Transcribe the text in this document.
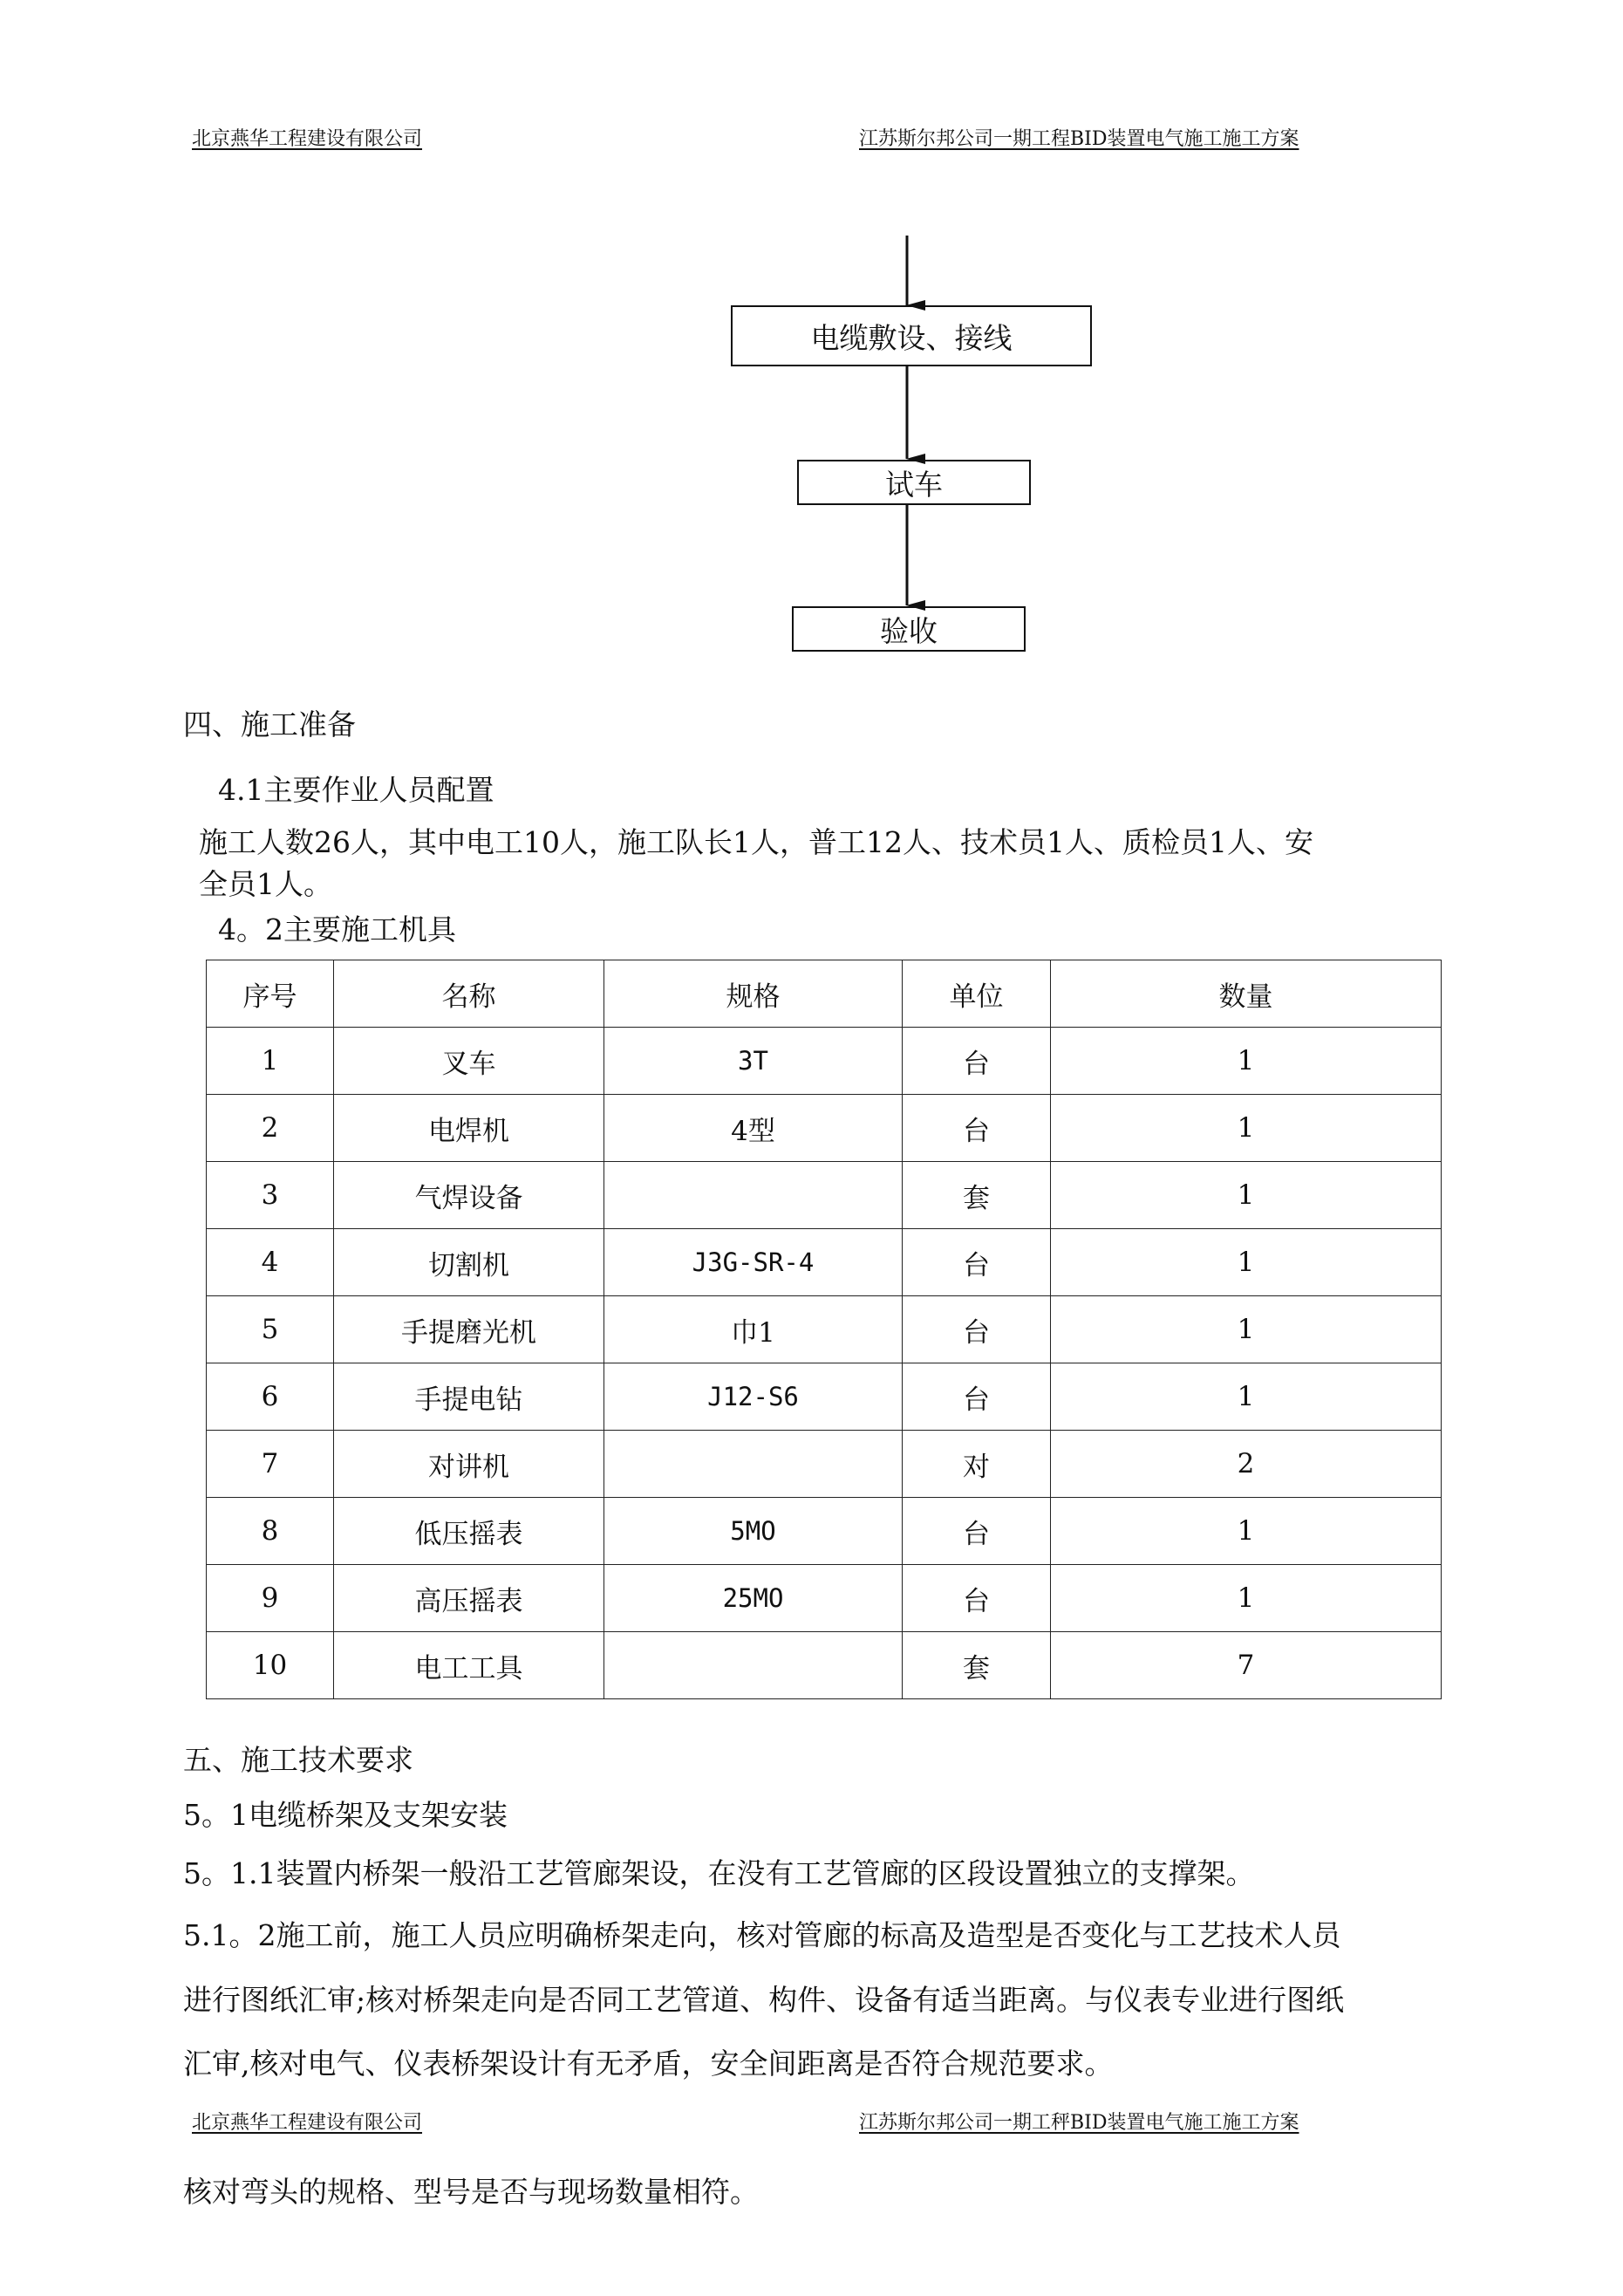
北京燕华工程建设有限公司	江苏斯尔邦公司一期工程BID装置电气施工施工方案
电缆敷设、接线
试车
验收
四、施工准备
4.1主要作业人员配置
施工人数26人，其中电工10人，施工队长1人，普工12人、技术员1人、质检员1人、安
全员1人。
4。2主要施工机具
序号	名称	规格	单位	数量
1	叉车	3T	台	1
2	电焊机	4型	台	1
3	气焊设备		套	1
4	切割机	J3G-SR-4	台	1
5	手提磨光机	巾1	台	1
6	手提电钻	J12-S6	台	1
7	对讲机		对	2
8	低压摇表	5MO	台	1
9	高压摇表	25MO	台	1
10	电工工具		套	7
五、施工技术要求
5。1电缆桥架及支架安装
5。1.1装置内桥架一般沿工艺管廊架设，在没有工艺管廊的区段设置独立的支撑架。
5.1。2施工前，施工人员应明确桥架走向，核对管廊的标高及造型是否变化与工艺技术人员
进行图纸汇审;核对桥架走向是否同工艺管道、构件、设备有适当距离。与仪表专业进行图纸
汇审,核对电气、仪表桥架设计有无矛盾，安全间距离是否符合规范要求。
北京燕华工程建设有限公司	江苏斯尔邦公司一期工秤BID装置电气施工施工方案
核对弯头的规格、型号是否与现场数量相符。
